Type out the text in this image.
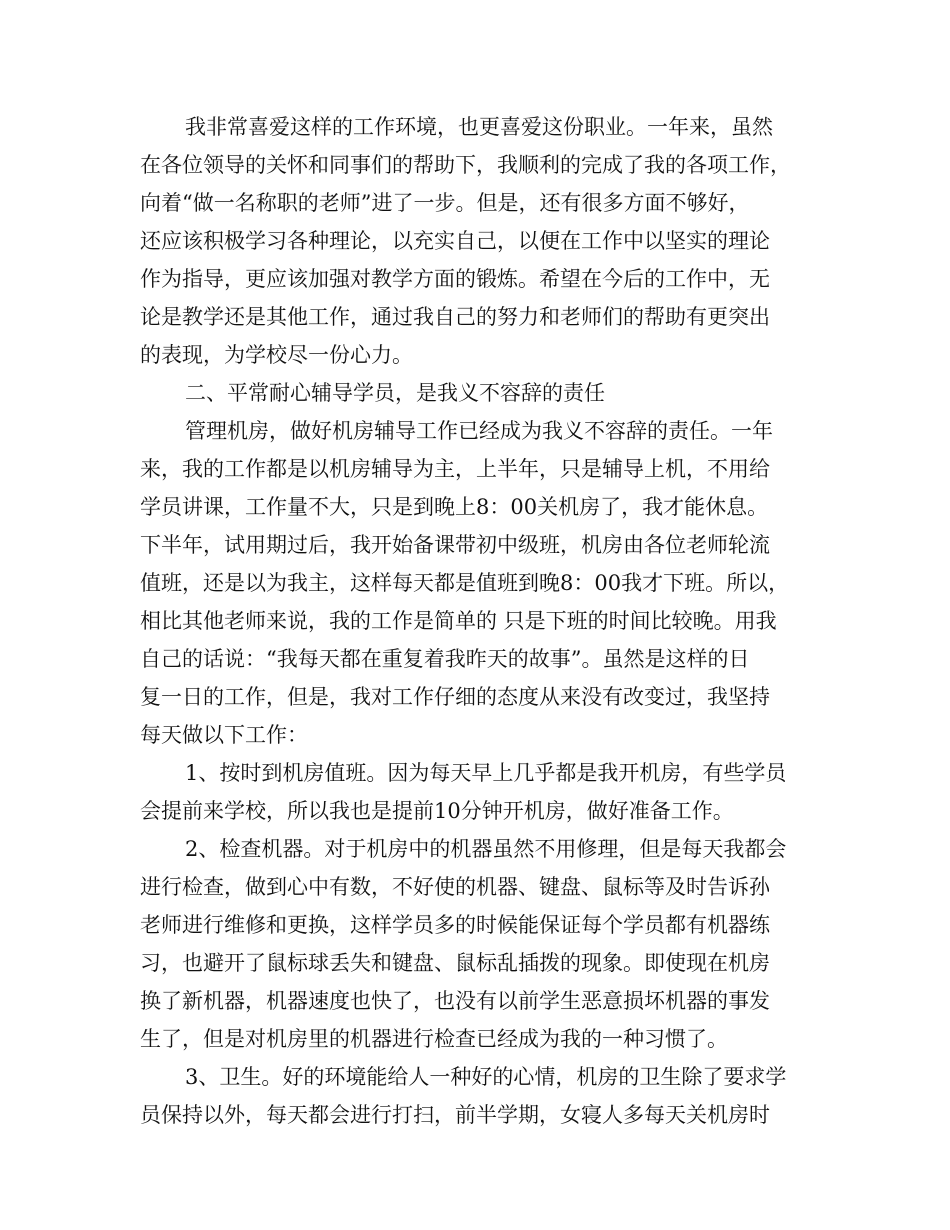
我非常喜爱这样的工作环境，也更喜爱这份职业。一年来，虽然
在各位领导的关怀和同事们的帮助下，我顺利的完成了我的各项工作，
向着“做一名称职的老师”进了一步。但是，还有很多方面不够好，
还应该积极学习各种理论，以充实自己，以便在工作中以坚实的理论
作为指导，更应该加强对教学方面的锻炼。希望在今后的工作中，无
论是教学还是其他工作，通过我自己的努力和老师们的帮助有更突出
的表现，为学校尽一份心力。
二、平常耐心辅导学员，是我义不容辞的责任
管理机房，做好机房辅导工作已经成为我义不容辞的责任。一年
来，我的工作都是以机房辅导为主，上半年，只是辅导上机，不用给
学员讲课，工作量不大，只是到晚上8：00关机房了，我才能休息。
下半年，试用期过后，我开始备课带初中级班，机房由各位老师轮流
值班，还是以为我主，这样每天都是值班到晚8：00我才下班。所以，
相比其他老师来说，我的工作是简单的 只是下班的时间比较晚。用我
自己的话说：“我每天都在重复着我昨天的故事”。虽然是这样的日
复一日的工作，但是，我对工作仔细的态度从来没有改变过，我坚持
每天做以下工作：
1、按时到机房值班。因为每天早上几乎都是我开机房，有些学员
会提前来学校，所以我也是提前10分钟开机房，做好准备工作。
2、检查机器。对于机房中的机器虽然不用修理，但是每天我都会
进行检查，做到心中有数，不好使的机器、键盘、鼠标等及时告诉孙
老师进行维修和更换，这样学员多的时候能保证每个学员都有机器练
习，也避开了鼠标球丢失和键盘、鼠标乱插拨的现象。即使现在机房
换了新机器，机器速度也快了，也没有以前学生恶意损坏机器的事发
生了，但是对机房里的机器进行检查已经成为我的一种习惯了。
3、卫生。好的环境能给人一种好的心情，机房的卫生除了要求学
员保持以外，每天都会进行打扫，前半学期，女寝人多每天关机房时
